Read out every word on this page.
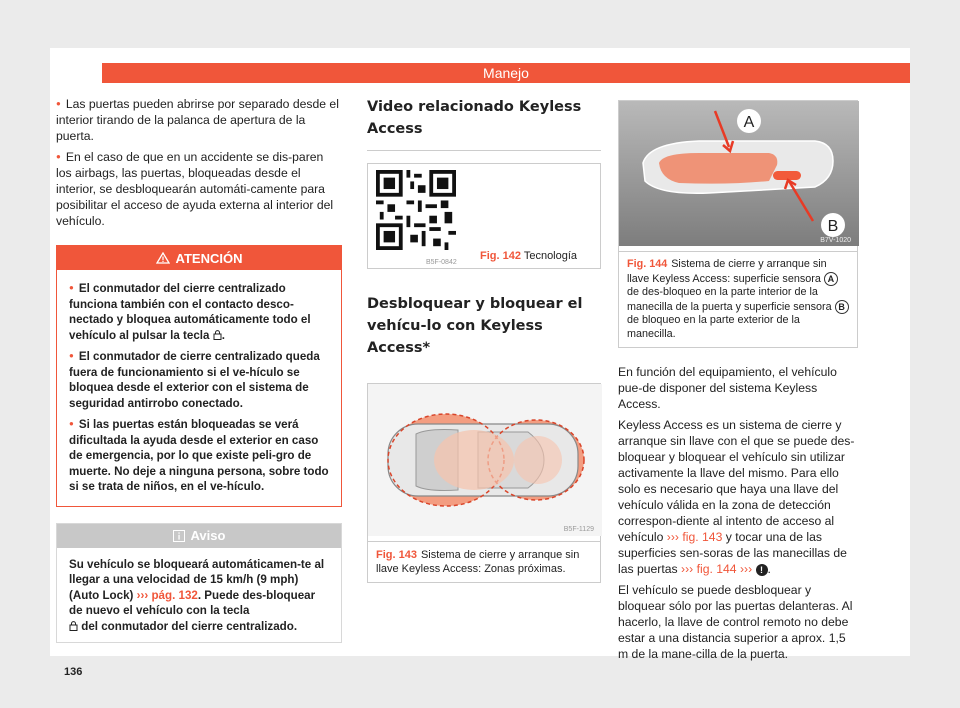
Manejo

● Las puertas pueden abrirse por separado desde el interior tirando de la palanca de apertura de la puerta.

● En el caso de que en un accidente se dis-paren los airbags, las puertas, bloqueadas desde el interior, se desbloquearán automáti-camente para posibilitar el acceso de ayuda externa al interior del vehículo.

ATENCIÓN

● El conmutador del cierre centralizado funciona también con el contacto desco-nectado y bloquea automáticamente todo el vehículo al pulsar la tecla .

● El conmutador de cierre centralizado queda fuera de funcionamiento si el ve-hículo se bloquea desde el exterior con el sistema de seguridad antirrobo conectado.

● Si las puertas están bloqueadas se verá dificultada la ayuda desde el exterior en caso de emergencia, por lo que existe peli-gro de muerte. No deje a ninguna persona, sobre todo si se trata de niños, en el ve-hículo.

Aviso
Su vehículo se bloqueará automáticamen-te al llegar a una velocidad de 15 km/h (9 mph) (Auto Lock) ››› pág. 132. Puede des-bloquear de nuevo el vehículo con la tecla
del conmutador del cierre centralizado.
136
Video relacionado Keyless Access
B5F-0842
Fig. 142 Tecnología
Desbloquear y bloquear el vehícu-lo con Keyless Access*
B5F-1129
Fig. 143 Sistema de cierre y arranque sin llave Keyless Access: Zonas próximas.
A
B
B7V-1020
Fig. 144 Sistema de cierre y arranque sin llave Keyless Access: superficie sensora A de des-bloqueo en la parte interior de la manecilla de la puerta y superficie sensora B de bloqueo en la parte exterior de la manecilla.

En función del equipamiento, el vehículo pue-de disponer del sistema Keyless Access.

Keyless Access es un sistema de cierre y arranque sin llave con el que se puede des-bloquear y bloquear el vehículo sin utilizar activamente la llave del mismo. Para ello solo es necesario que haya una llave del vehículo válida en la zona de detección correspon-diente al intento de acceso al vehículo ››› fig. 143 y tocar una de las superficies sen-soras de las manecillas de las puertas ››› fig. 144 ››› ! .

El vehículo se puede desbloquear y bloquear sólo por las puertas delanteras. Al hacerlo, la llave de control remoto no debe estar a una distancia superior a aprox. 1,5 m de la mane-cilla de la puerta.
